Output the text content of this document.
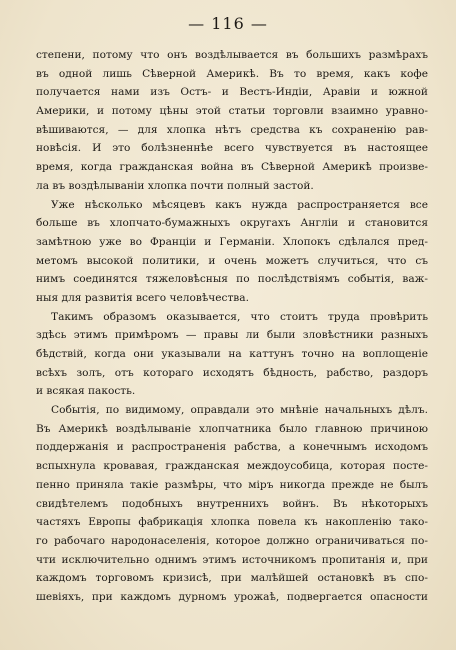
— 116 —
степени, потому что онъ воздѣлывается въ большихъ размѣрахъ
въ одной лишь Сѣверной Америкѣ. Въ то время, какъ кофе
получается нами изъ Остъ- и Вестъ-Индіи, Аравіи и южной
Америки, и потому цѣны этой статьи торговли взаимно уравно-
вѣшиваются, — для хлопка нѣтъ средства къ сохраненію рав-
новѣсія. И это болѣзненнѣе всего чувствуется въ настоящее
время, когда гражданская война въ Сѣверной Америкѣ произве-
ла въ воздѣлываніи хлопка почти полный застой.
Уже нѣсколько мѣсяцевъ какъ нужда распространяется все
больше въ хлопчато-бумажныхъ округахъ Англіи и становится
замѣтною уже во Франціи и Германіи. Хлопокъ сдѣлался пред-
метомъ высокой политики, и очень можетъ случиться, что съ
нимъ соединятся тяжеловѣсныя по послѣдствіямъ событія, важ-
ныя для развитія всего человѣчества.
Такимъ образомъ оказывается, что стоитъ труда провѣрить
здѣсь этимъ примѣромъ — правы ли были зловѣстники разныхъ
бѣдствій, когда они указывали на каттунъ точно на воплощеніе
всѣхъ золъ, отъ котораго исходятъ бѣдность, рабство, раздоръ
и всякая пакость.
Событія, по видимому, оправдали это мнѣніе начальныхъ дѣлъ.
Въ Америкѣ воздѣлываніе хлопчатника было главною причиною
поддержанія и распространенія рабства, а конечнымъ исходомъ
вспыхнула кровавая, гражданская междоусобица, которая посте-
пенно приняла такіе размѣры, что міръ никогда прежде не былъ
свидѣтелемъ подобныхъ внутреннихъ войнъ. Въ нѣкоторыхъ
частяхъ Европы фабрикація хлопка повела къ накопленію тако-
го рабочаго народонаселенія, которое должно ограничиваться по-
чти исключительно однимъ этимъ источникомъ пропитанія и, при
каждомъ торговомъ кризисѣ, при малѣйшей остановкѣ въ спо-
шевіяхъ, при каждомъ дурномъ урожаѣ, подвергается опасности
